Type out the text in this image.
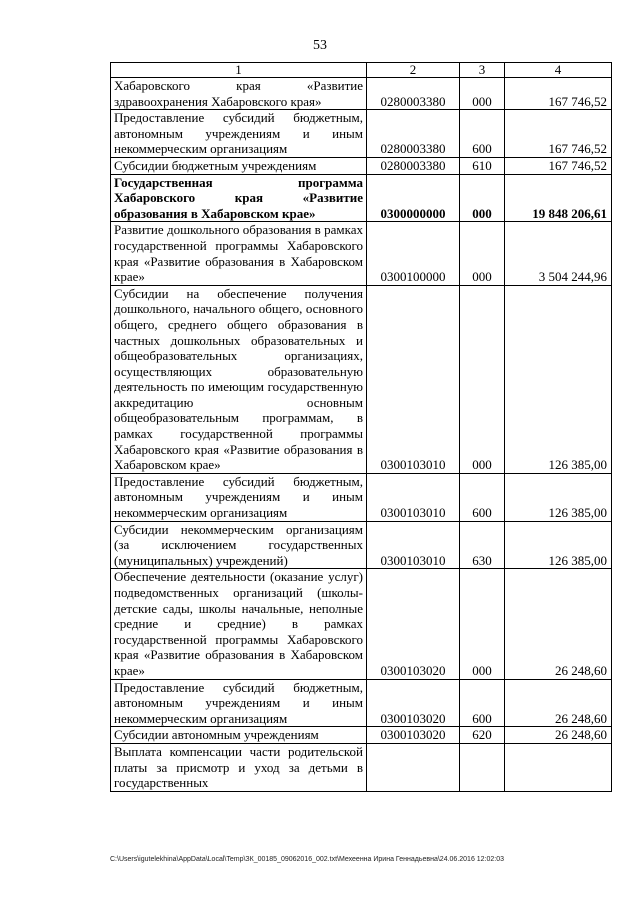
53
1	2	3	4
Хабаровского края «Развитие здравоохранения Хабаровского края»	0280003380	000	167 746,52
Предоставление субсидий бюджетным, автономным учреждениям и иным некоммерческим организациям	0280003380	600	167 746,52
Субсидии бюджетным учреждениям	0280003380	610	167 746,52
Государственная программа Хабаровского края «Развитие образования в Хабаровском крае»	0300000000	000	19 848 206,61
Развитие дошкольного образования в рамках государственной программы Хабаровского края «Развитие образования в Хабаровском крае»	0300100000	000	3 504 244,96
Субсидии на обеспечение получения дошкольного, начального общего, основного общего, среднего общего образования в частных дошкольных образовательных и общеобразовательных организациях, осуществляющих образовательную деятельность по имеющим государственную аккредитацию основным общеобразовательным программам, в рамках государственной программы Хабаровского края «Развитие образования в Хабаровском крае»	0300103010	000	126 385,00
Предоставление субсидий бюджетным, автономным учреждениям и иным некоммерческим организациям	0300103010	600	126 385,00
Субсидии некоммерческим организациям (за исключением государственных (муниципальных) учреждений)	0300103010	630	126 385,00
Обеспечение деятельности (оказание услуг) подведомственных организаций (школы-детские сады, школы начальные, неполные средние и средние) в рамках государственной программы Хабаровского края «Развитие образования в Хабаровском крае»	0300103020	000	26 248,60
Предоставление субсидий бюджетным, автономным учреждениям и иным некоммерческим организациям	0300103020	600	26 248,60
Субсидии автономным учреждениям	0300103020	620	26 248,60
Выплата компенсации части родительской платы за присмотр и уход за детьми в государственных			
C:\Users\igutelekhina\AppData\Local\Temp\ЗК_00185_09062016_002.txt\Мехеенна Ирина Геннадьевна\24.06.2016 12:02:03
